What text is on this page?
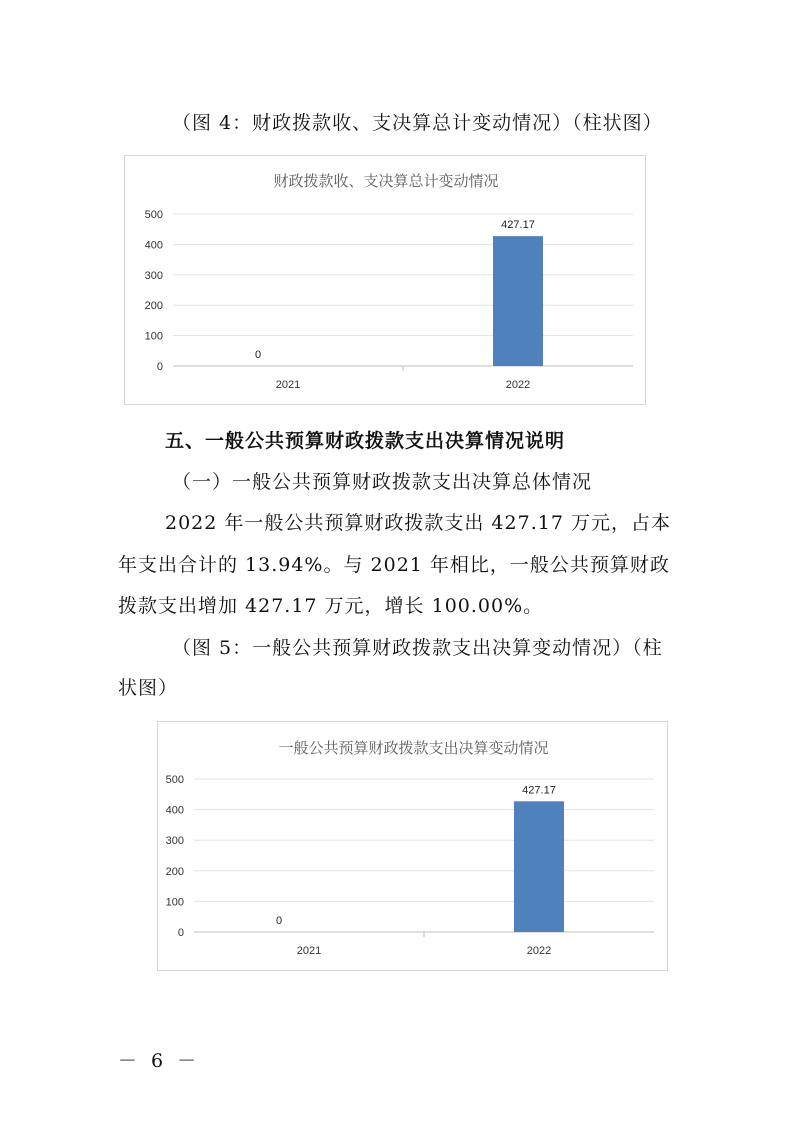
（图 4：财政拨款收、支决算总计变动情况）（柱状图）
财政拨款收、支决算总计变动情况
0
100
200
300
400
500
0
2021
427.17
2022
五、一般公共预算财政拨款支出决算情况说明
（一）一般公共预算财政拨款支出决算总体情况
2022 年一般公共预算财政拨款支出 427.17 万元，占本
年支出合计的 13.94%。与 2021 年相比，一般公共预算财政
拨款支出增加 427.17 万元，增长 100.00%。
（图 5：一般公共预算财政拨款支出决算变动情况）（柱
状图）
一般公共预算财政拨款支出决算变动情况
0
100
200
300
400
500
0
2021
427.17
2022
－ 6 －
